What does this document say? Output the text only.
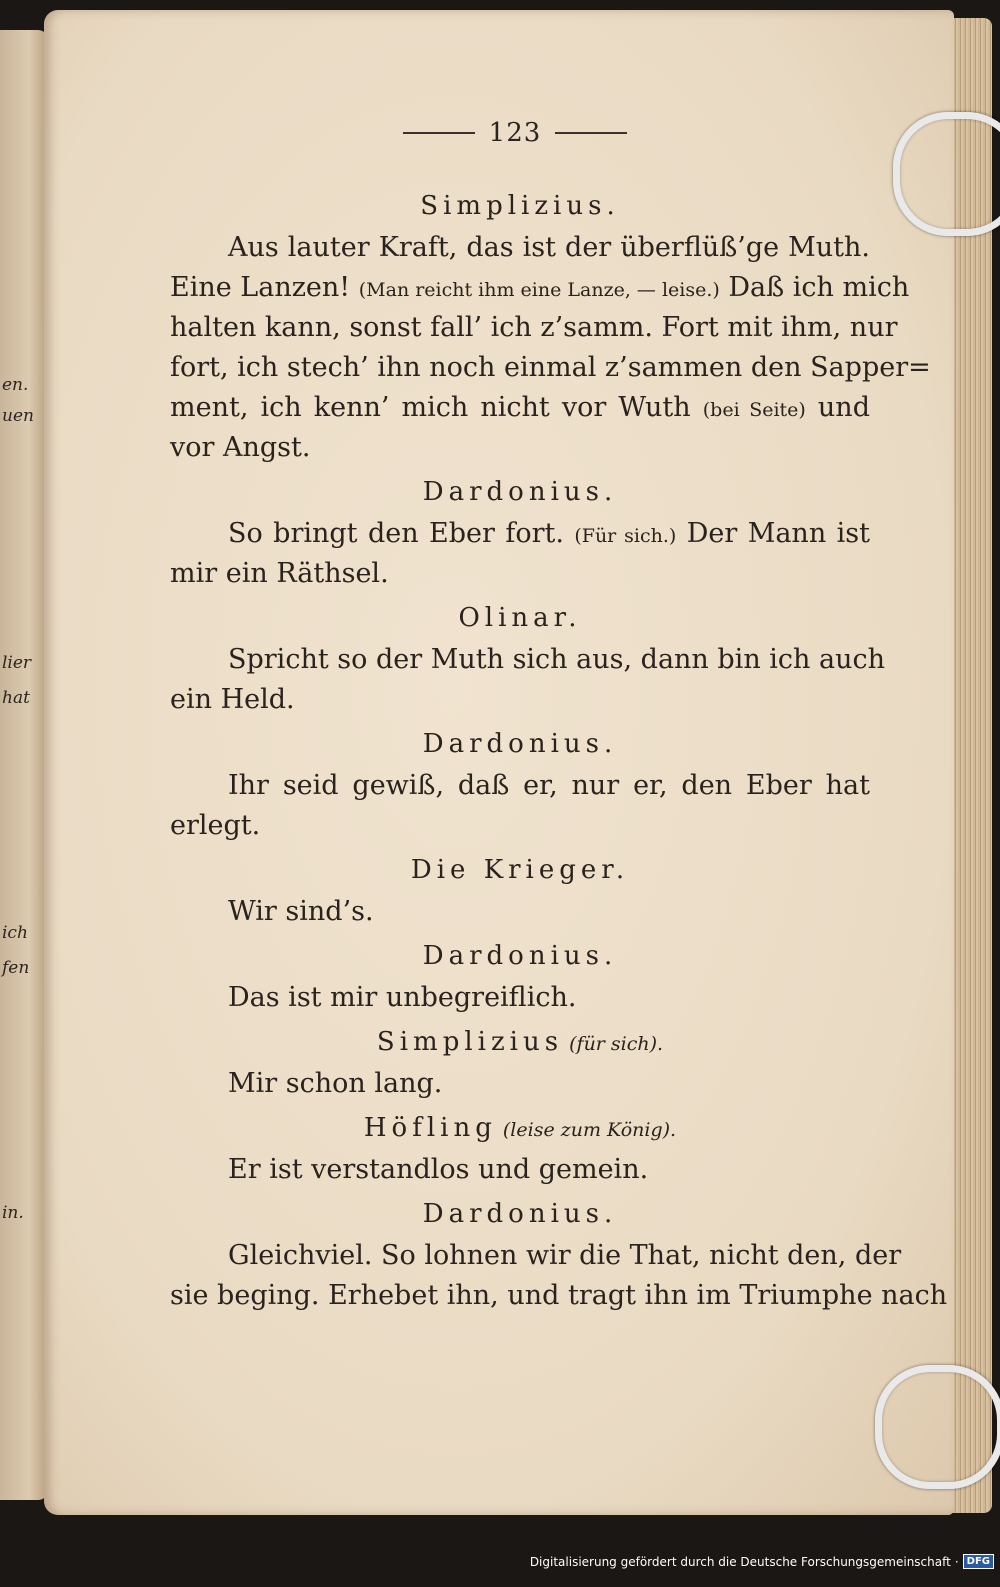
en.
uen
lier
hat
ich
fen
in.
123
Simplizius.
Aus lauter Kraft, das ist der überflüß’ge Muth.
Eine Lanzen! (Man reicht ihm eine Lanze, — leise.) Daß ich mich
halten kann, sonst fall’ ich z’samm. Fort mit ihm, nur
fort, ich stech’ ihn noch einmal z’sammen den Sapper=
ment, ich kenn’ mich nicht vor Wuth (bei Seite) und
vor Angst.
Dardonius.
So bringt den Eber fort. (Für sich.) Der Mann ist
mir ein Räthsel.
Olinar.
Spricht so der Muth sich aus, dann bin ich auch
ein Held.
Dardonius.
Ihr seid gewiß, daß er, nur er, den Eber hat
erlegt.
Die Krieger.
Wir sind’s.
Dardonius.
Das ist mir unbegreiflich.
Simplizius (für sich).
Mir schon lang.
Höfling (leise zum König).
Er ist verstandlos und gemein.
Dardonius.
Gleichviel. So lohnen wir die That, nicht den, der
sie beging. Erhebet ihn, und tragt ihn im Triumphe nach
Digitalisierung gefördert durch die Deutsche Forschungsgemeinschaft · DFG
